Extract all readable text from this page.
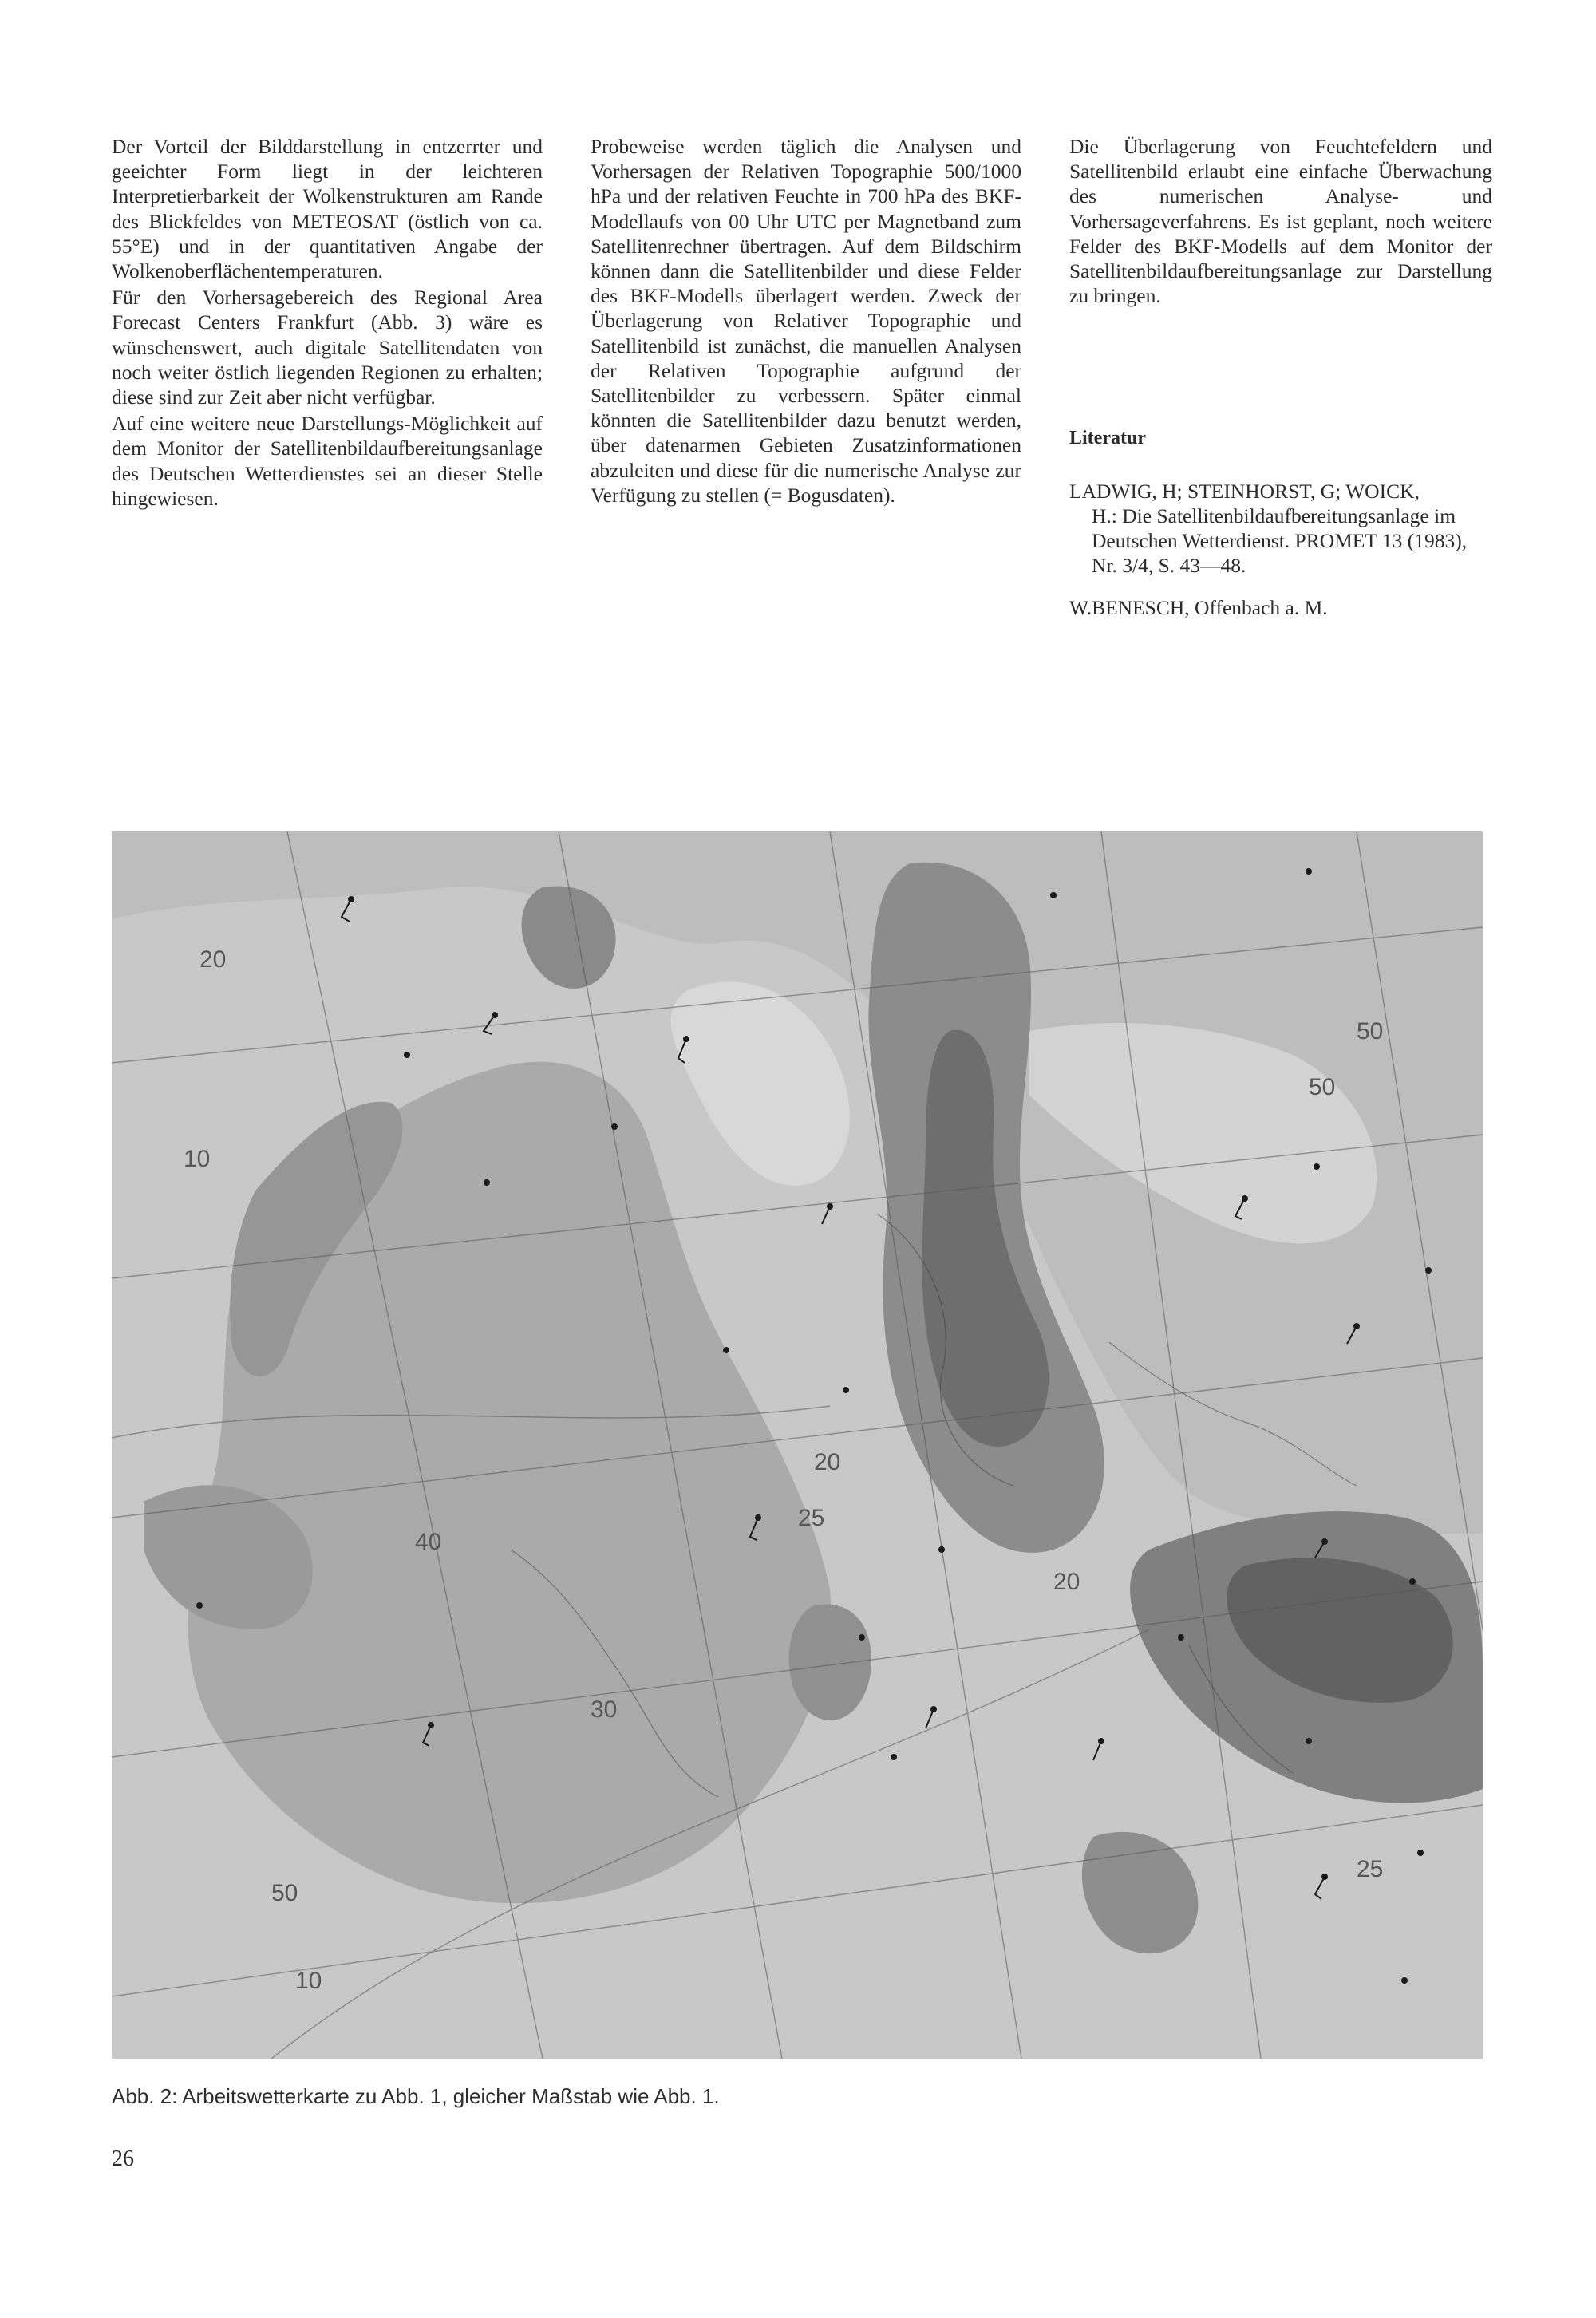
Der Vorteil der Bilddarstellung in entzerrter und geeichter Form liegt in der leichteren Interpretierbarkeit der Wolkenstrukturen am Rande des Blickfeldes von METEOSAT (östlich von ca. 55°E) und in der quantitativen Angabe der Wolkenoberflächentemperaturen.

Für den Vorhersagebereich des Regional Area Forecast Centers Frankfurt (Abb. 3) wäre es wünschenswert, auch digitale Satellitendaten von noch weiter östlich liegenden Regionen zu erhalten; diese sind zur Zeit aber nicht verfügbar.

Auf eine weitere neue Darstellungs-Möglichkeit auf dem Monitor der Satellitenbildaufbereitungsanlage des Deutschen Wetterdienstes sei an dieser Stelle hingewiesen.

Probeweise werden täglich die Analysen und Vorhersagen der Relativen Topographie 500/1000 hPa und der relativen Feuchte in 700 hPa des BKF-Modellaufs von 00 Uhr UTC per Magnetband zum Satellitenrechner übertragen. Auf dem Bildschirm können dann die Satellitenbilder und diese Felder des BKF-Modells überlagert werden. Zweck der Überlagerung von Relativer Topographie und Satellitenbild ist zunächst, die manuellen Analysen der Relativen Topographie aufgrund der Satellitenbilder zu verbessern. Später einmal könnten die Satellitenbilder dazu benutzt werden, über datenarmen Gebieten Zusatzinformationen abzuleiten und diese für die numerische Analyse zur Verfügung zu stellen (= Bogusdaten).

Die Überlagerung von Feuchtefeldern und Satellitenbild erlaubt eine einfache Überwachung des numerischen Analyse- und Vorhersageverfahrens. Es ist geplant, noch weitere Felder des BKF-Modells auf dem Monitor der Satellitenbildaufbereitungsanlage zur Darstellung zu bringen.

Literatur
LADWIG, H; STEINHORST, G; WOICK,
H.: Die Satellitenbildaufbereitungsanlage im Deutschen Wetterdienst. PROMET 13 (1983), Nr. 3/4, S. 43—48.
W.BENESCH, Offenbach a. M.
20
10
50
40
30
20
10
25
50
20
50
25
Abb. 2: Arbeitswetterkarte zu Abb. 1, gleicher Maßstab wie Abb. 1.
26
